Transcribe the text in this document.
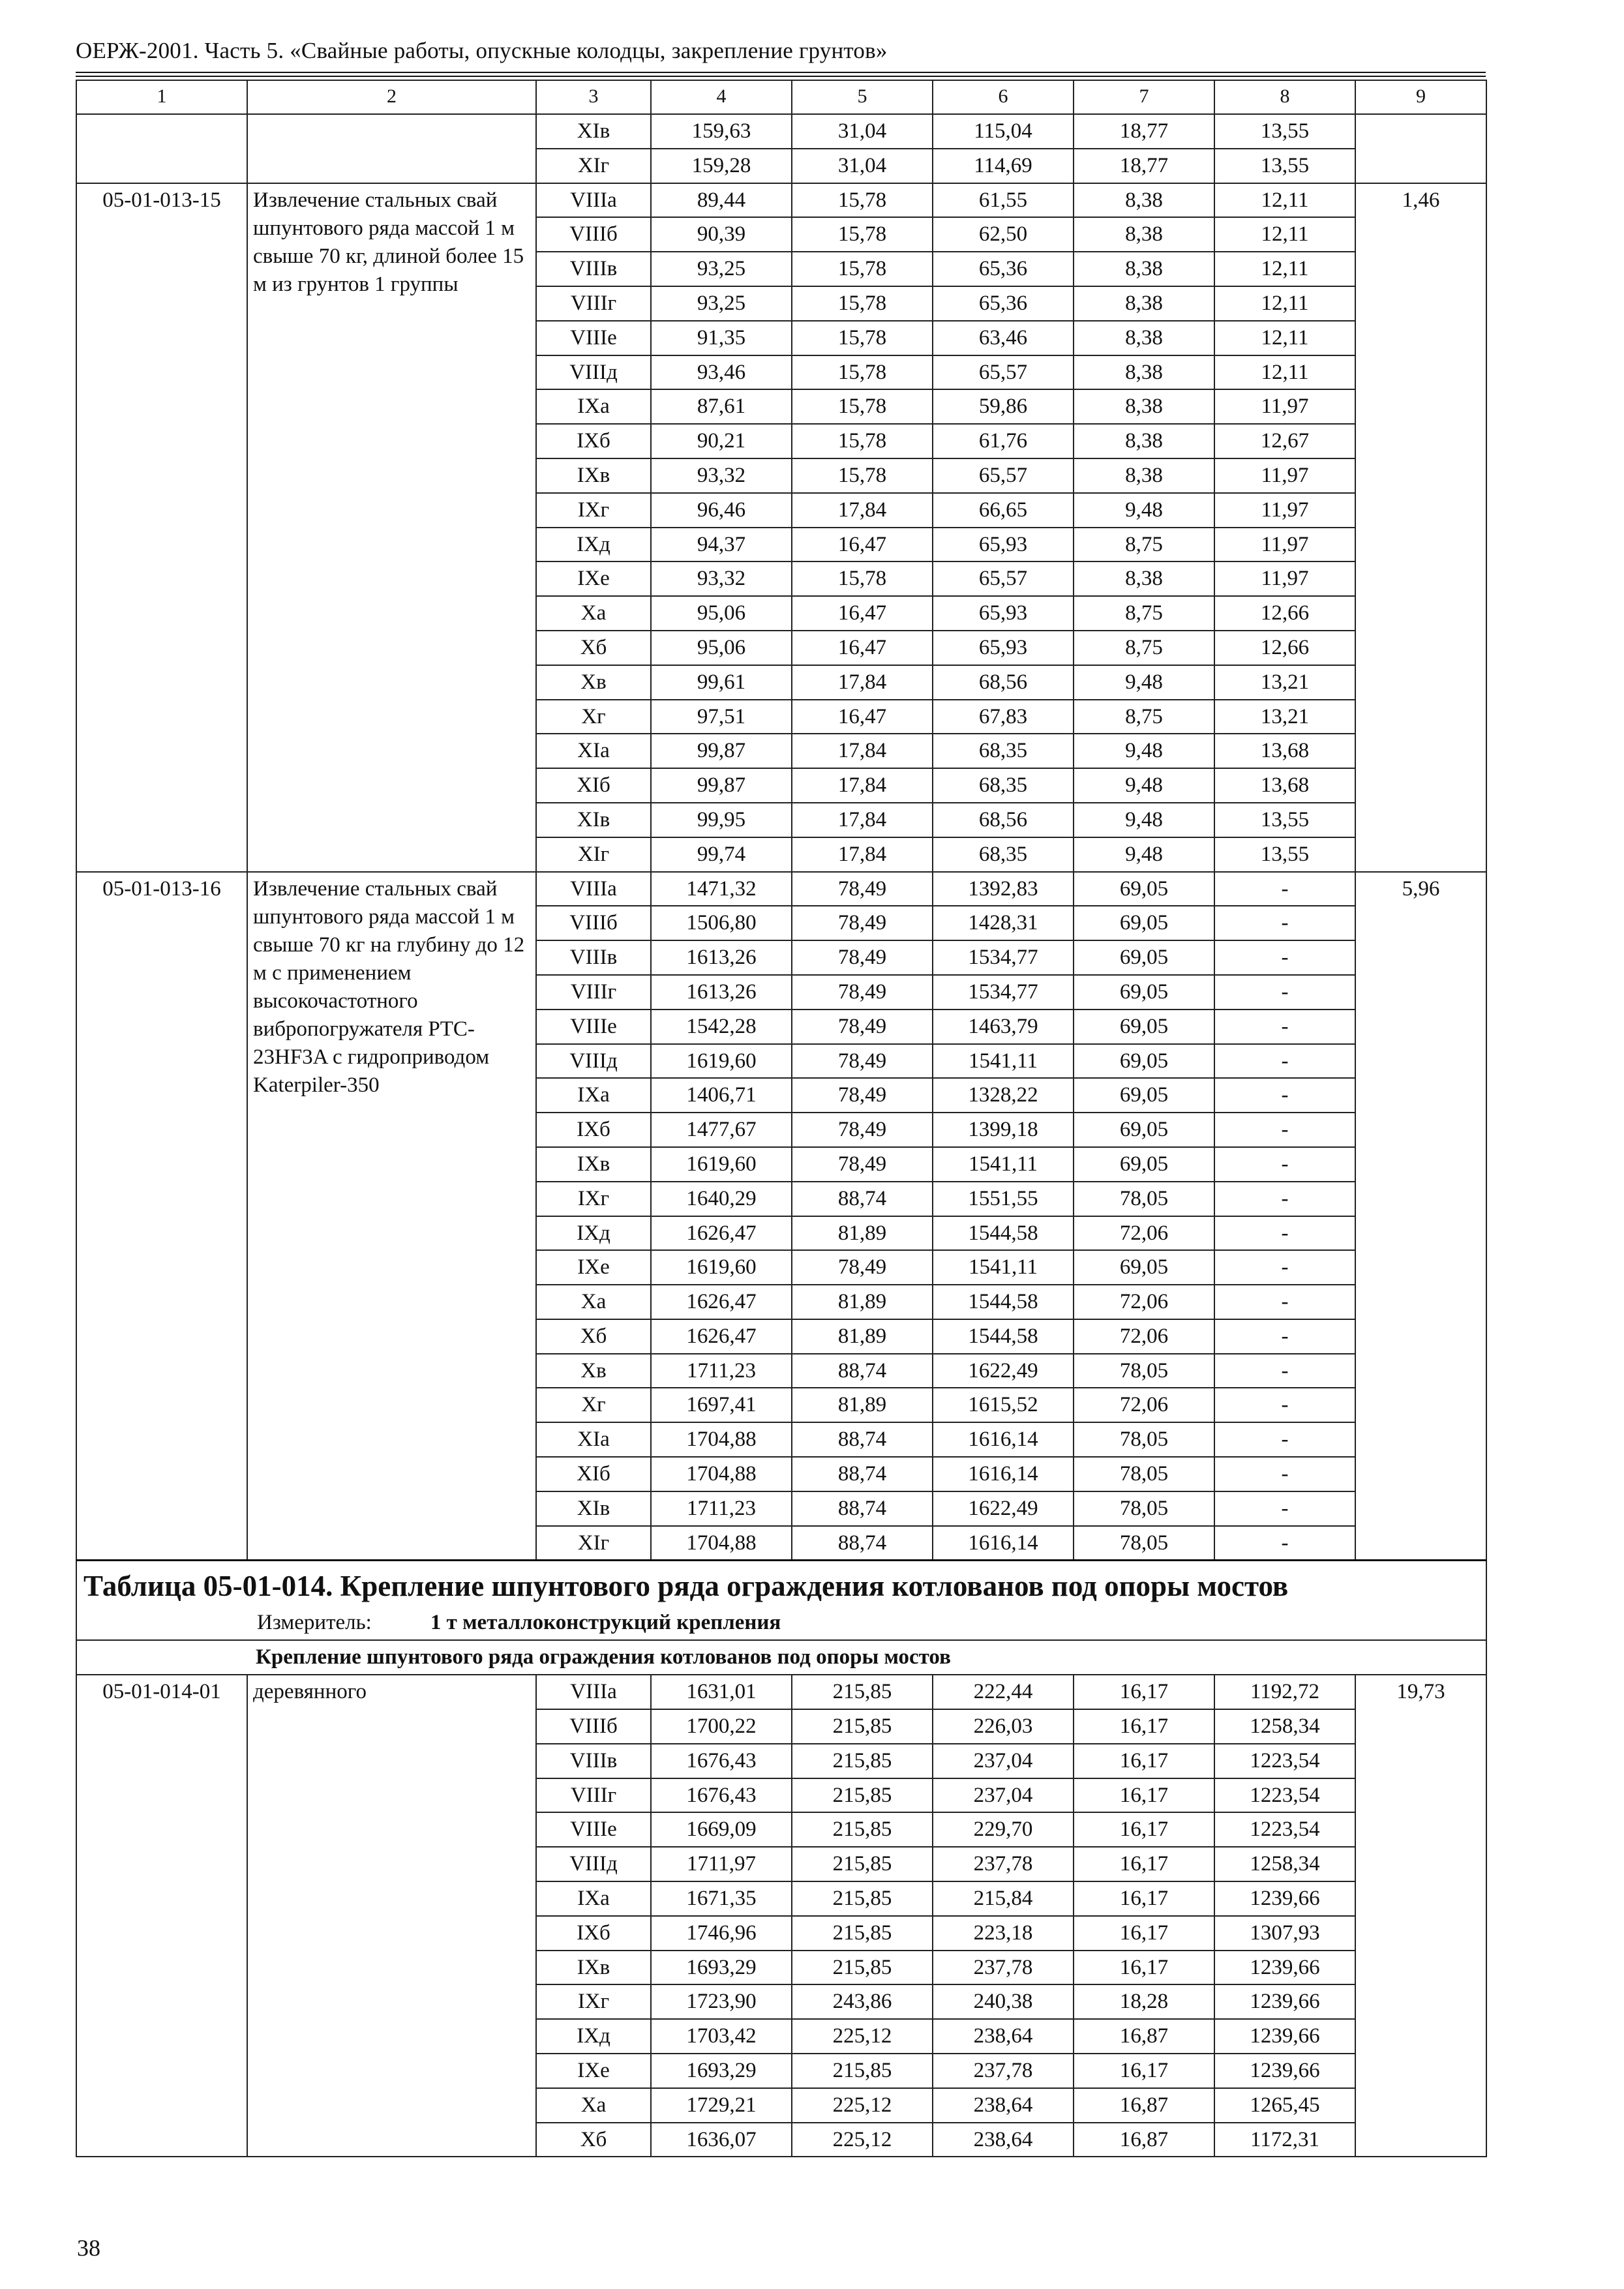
ОЕРЖ-2001. Часть 5. «Свайные работы, опускные колодцы, закрепление грунтов»
1	2	3	4	5	6	7	8	9
		XIв	159,63	31,04	115,04	18,77	13,55	
		XIг	159,28	31,04	114,69	18,77	13,55	
05-01-013-15	Извлечение стальных свай шпунтового ряда массой 1 м свыше 70 кг, длиной более 15 м из грунтов 1 группы	VIIIа	89,44	15,78	61,55	8,38	12,11	1,46
		VIIIб	90,39	15,78	62,50	8,38	12,11	
		VIIIв	93,25	15,78	65,36	8,38	12,11	
		VIIIг	93,25	15,78	65,36	8,38	12,11	
		VIIIе	91,35	15,78	63,46	8,38	12,11	
		VIIIд	93,46	15,78	65,57	8,38	12,11	
		IXа	87,61	15,78	59,86	8,38	11,97	
		IXб	90,21	15,78	61,76	8,38	12,67	
		IXв	93,32	15,78	65,57	8,38	11,97	
		IXг	96,46	17,84	66,65	9,48	11,97	
		IXд	94,37	16,47	65,93	8,75	11,97	
		IXе	93,32	15,78	65,57	8,38	11,97	
		Xа	95,06	16,47	65,93	8,75	12,66	
		Xб	95,06	16,47	65,93	8,75	12,66	
		Xв	99,61	17,84	68,56	9,48	13,21	
		Xг	97,51	16,47	67,83	8,75	13,21	
		XIа	99,87	17,84	68,35	9,48	13,68	
		XIб	99,87	17,84	68,35	9,48	13,68	
		XIв	99,95	17,84	68,56	9,48	13,55	
		XIг	99,74	17,84	68,35	9,48	13,55	
05-01-013-16	Извлечение стальных свай шпунтового ряда массой 1 м свыше 70 кг на глубину до 12 м с применением высокочастотного вибропогружателя PTC-23HF3A с гидроприводом Katerpiler-350	VIIIа	1471,32	78,49	1392,83	69,05	-	5,96
		VIIIб	1506,80	78,49	1428,31	69,05	-	
		VIIIв	1613,26	78,49	1534,77	69,05	-	
		VIIIг	1613,26	78,49	1534,77	69,05	-	
		VIIIе	1542,28	78,49	1463,79	69,05	-	
		VIIIд	1619,60	78,49	1541,11	69,05	-	
		IXа	1406,71	78,49	1328,22	69,05	-	
		IXб	1477,67	78,49	1399,18	69,05	-	
		IXв	1619,60	78,49	1541,11	69,05	-	
		IXг	1640,29	88,74	1551,55	78,05	-	
		IXд	1626,47	81,89	1544,58	72,06	-	
		IXе	1619,60	78,49	1541,11	69,05	-	
		Xа	1626,47	81,89	1544,58	72,06	-	
		Xб	1626,47	81,89	1544,58	72,06	-	
		Xв	1711,23	88,74	1622,49	78,05	-	
		Xг	1697,41	81,89	1615,52	72,06	-	
		XIа	1704,88	88,74	1616,14	78,05	-	
		XIб	1704,88	88,74	1616,14	78,05	-	
		XIв	1711,23	88,74	1622,49	78,05	-	
		XIг	1704,88	88,74	1616,14	78,05	-	

Таблица 05-01-014. Крепление шпунтового ряда ограждения котлованов под опоры мостов
Измеритель: 1 т металлоконструкций крепления								

Крепление шпунтового ряда ограждения котлованов под опоры мостов								
05-01-014-01	деревянного	VIIIа	1631,01	215,85	222,44	16,17	1192,72	19,73
		VIIIб	1700,22	215,85	226,03	16,17	1258,34	
		VIIIв	1676,43	215,85	237,04	16,17	1223,54	
		VIIIг	1676,43	215,85	237,04	16,17	1223,54	
		VIIIе	1669,09	215,85	229,70	16,17	1223,54	
		VIIIд	1711,97	215,85	237,78	16,17	1258,34	
		IXа	1671,35	215,85	215,84	16,17	1239,66	
		IXб	1746,96	215,85	223,18	16,17	1307,93	
		IXв	1693,29	215,85	237,78	16,17	1239,66	
		IXг	1723,90	243,86	240,38	18,28	1239,66	
		IXд	1703,42	225,12	238,64	16,87	1239,66	
		IXе	1693,29	215,85	237,78	16,17	1239,66	
		Xа	1729,21	225,12	238,64	16,87	1265,45	
		Xб	1636,07	225,12	238,64	16,87	1172,31	
38
